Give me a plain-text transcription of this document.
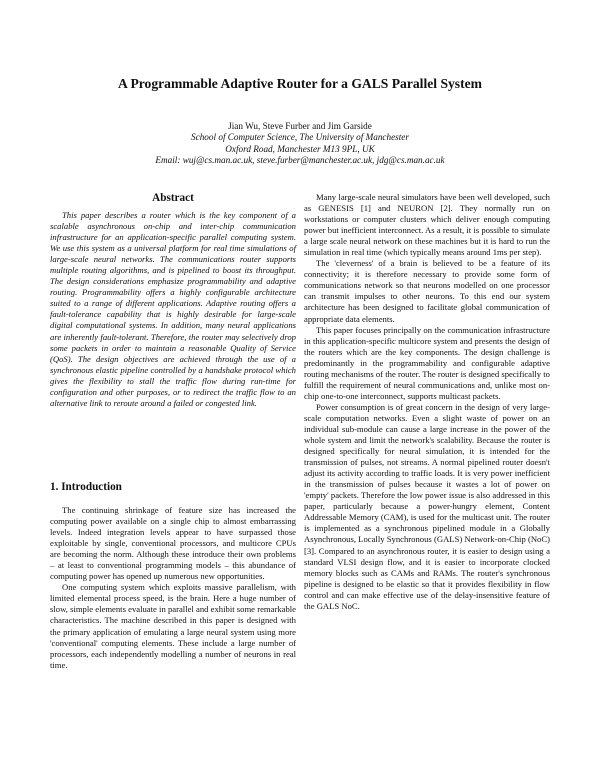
A Programmable Adaptive Router for a GALS Parallel System
Jian Wu, Steve Furber and Jim Garside
School of Computer Science, The University of Manchester
Oxford Road, Manchester M13 9PL, UK
Email: wuj@cs.man.ac.uk, steve.furber@manchester.ac.uk, jdg@cs.man.ac.uk
Abstract

This paper describes a router which is the key component of a scalable asynchronous on-chip and inter-chip communication infrastructure for an application-specific parallel computing system. We use this system as a universal platform for real time simulations of large-scale neural networks. The communications router supports multiple routing algorithms, and is pipelined to boost its throughput. The design considerations emphasize programmability and adaptive routing. Programmability offers a highly configurable architecture suited to a range of different applications. Adaptive routing offers a fault-tolerance capability that is highly desirable for large-scale digital computational systems. In addition, many neural applications are inherently fault-tolerant. Therefore, the router may selectively drop some packets in order to maintain a reasonable Quality of Service (QoS). The design objectives are achieved through the use of a synchronous elastic pipeline controlled by a handshake protocol which gives the flexibility to stall the traffic flow during run-time for configuration and other purposes, or to redirect the traffic flow to an alternative link to reroute around a failed or congested link.

1. Introduction

The continuing shrinkage of feature size has increased the computing power available on a single chip to almost embarrassing levels. Indeed integration levels appear to have surpassed those exploitable by single, conventional processors, and multicore CPUs are becoming the norm. Although these introduce their own problems – at least to conventional programming models – this abundance of computing power has opened up numerous new opportunities.

One computing system which exploits massive parallelism, with limited elemental process speed, is the brain. Here a huge number of slow, simple elements evaluate in parallel and exhibit some remarkable characteristics. The machine described in this paper is designed with the primary application of emulating a large neural system using more 'conventional' computing elements. These include a large number of processors, each independently modelling a number of neurons in real time.

Many large-scale neural simulators have been well developed, such as GENESIS [1] and NEURON [2]. They normally run on workstations or computer clusters which deliver enough computing power but inefficient interconnect. As a result, it is possible to simulate a large scale neural network on these machines but it is hard to run the simulation in real time (which typically means around 1ms per step).

The 'cleverness' of a brain is believed to be a feature of its connectivity; it is therefore necessary to provide some form of communications network so that neurons modelled on one processor can transmit impulses to other neurons. To this end our system architecture has been designed to facilitate global communication of appropriate data elements.

This paper focuses principally on the communication infrastructure in this application-specific multicore system and presents the design of the routers which are the key components. The design challenge is predominantly in the programmability and configurable adaptive routing mechanisms of the router. The router is designed specifically to fulfill the requirement of neural communications and, unlike most on-chip one-to-one interconnect, supports multicast packets.

Power consumption is of great concern in the design of very large-scale computation networks. Even a slight waste of power on an individual sub-module can cause a large increase in the power of the whole system and limit the network's scalability. Because the router is designed specifically for neural simulation, it is intended for the transmission of pulses, not streams. A normal pipelined router doesn't adjust its activity according to traffic loads. It is very power inefficient in the transmission of pulses because it wastes a lot of power on 'empty' packets. Therefore the low power issue is also addressed in this paper, particularly because a power-hungry element, Content Addressable Memory (CAM), is used for the multicast unit. The router is implemented as a synchronous pipelined module in a Globally Asynchronous, Locally Synchronous (GALS) Network-on-Chip (NoC) [3]. Compared to an asynchronous router, it is easier to design using a standard VLSI design flow, and it is easier to incorporate clocked memory blocks such as CAMs and RAMs. The router's synchronous pipeline is designed to be elastic so that it provides flexibility in flow control and can make effective use of the delay-insensitive feature of the GALS NoC.
